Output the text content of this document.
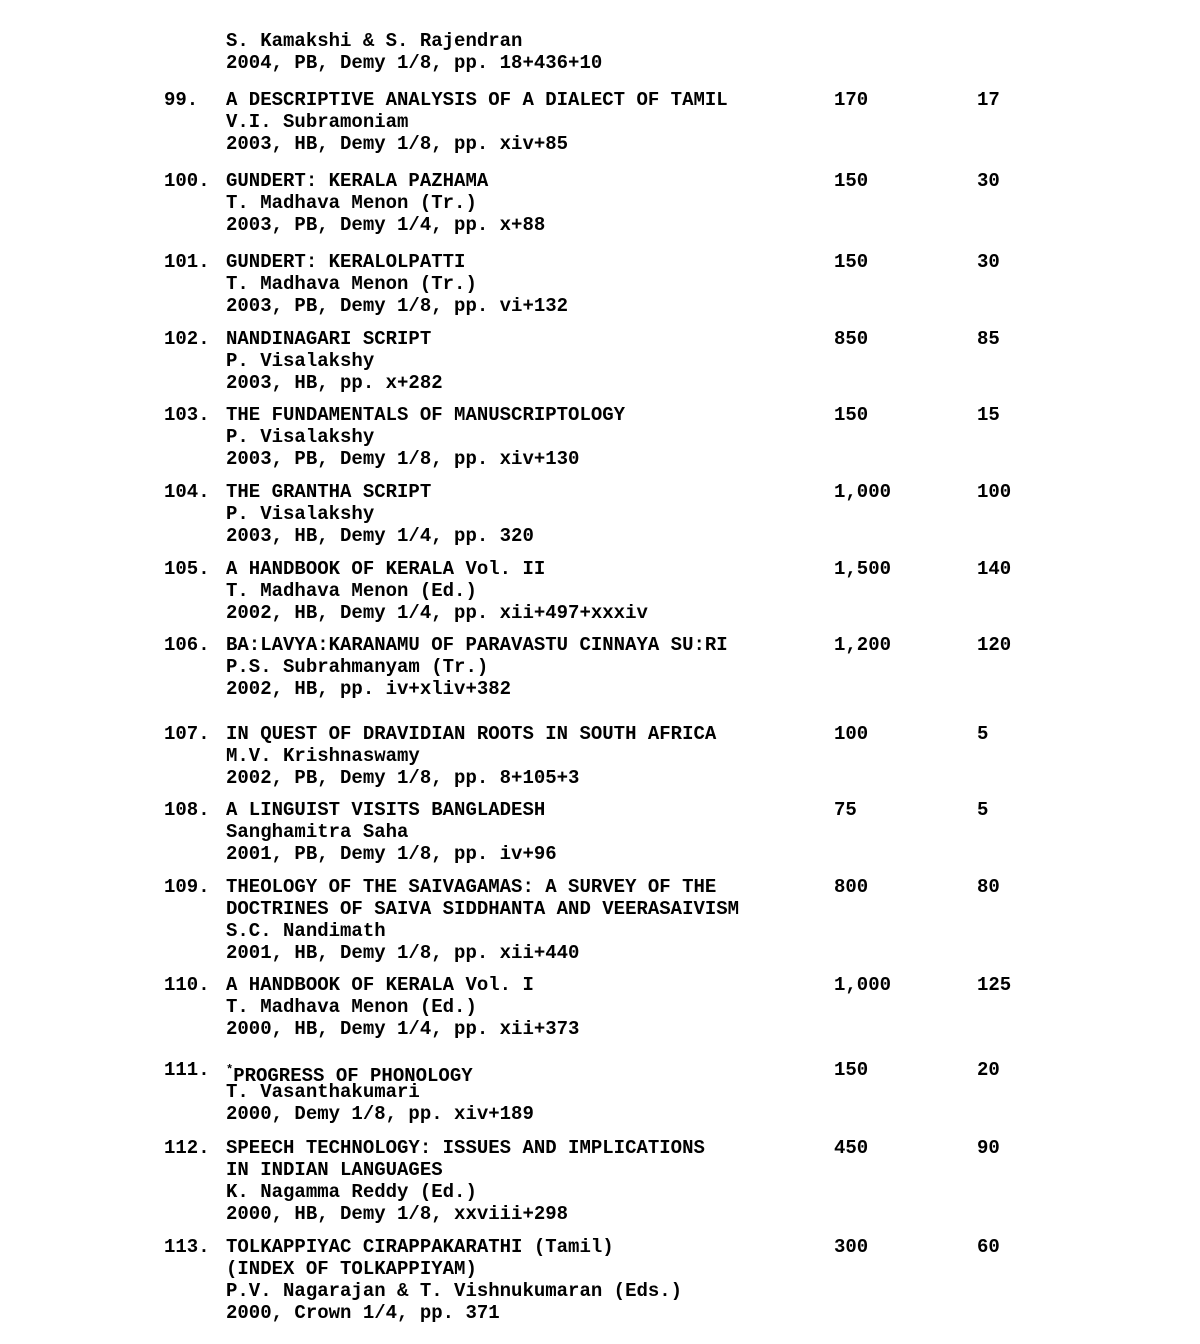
S. Kamakshi & S. Rajendran
2004, PB, Demy 1/8, pp. 18+436+10
99. A DESCRIPTIVE ANALYSIS OF A DIALECT OF TAMIL
V.I. Subramoniam
2003, HB, Demy 1/8, pp. xiv+85
170	17
100. GUNDERT: KERALA PAZHAMA
T. Madhava Menon (Tr.)
2003, PB, Demy 1/4, pp. x+88
150	30
101. GUNDERT: KERALOLPATTI
T. Madhava Menon (Tr.)
2003, PB, Demy 1/8, pp. vi+132
150	30
102. NANDINAGARI SCRIPT
P. Visalakshy
2003, HB, pp. x+282
850	85
103. THE FUNDAMENTALS OF MANUSCRIPTOLOGY
P. Visalakshy
2003, PB, Demy 1/8, pp. xiv+130
150	15
104. THE GRANTHA SCRIPT
P. Visalakshy
2003, HB, Demy 1/4, pp. 320
1,000	100
105. A HANDBOOK OF KERALA Vol. II
T. Madhava Menon (Ed.)
2002, HB, Demy 1/4, pp. xii+497+xxxiv
1,500	140
106. BA:LAVYA:KARANAMU OF PARAVASTU CINNAYA SU:RI
P.S. Subrahmanyam (Tr.)
2002, HB, pp. iv+xliv+382
1,200	120
107. IN QUEST OF DRAVIDIAN ROOTS IN SOUTH AFRICA
M.V. Krishnaswamy
2002, PB, Demy 1/8, pp. 8+105+3
100	5
108. A LINGUIST VISITS BANGLADESH
Sanghamitra Saha
2001, PB, Demy 1/8, pp. iv+96
75	5
109. THEOLOGY OF THE SAIVAGAMAS: A SURVEY OF THE
DOCTRINES OF SAIVA SIDDHANTA AND VEERASAIVISM
S.C. Nandimath
2001, HB, Demy 1/8, pp. xii+440
800	80
110. A HANDBOOK OF KERALA Vol. I
T. Madhava Menon (Ed.)
2000, HB, Demy 1/4, pp. xii+373
1,000	125
111. *PROGRESS OF PHONOLOGY
T. Vasanthakumari
2000, Demy 1/8, pp. xiv+189
150	20
112. SPEECH TECHNOLOGY: ISSUES AND IMPLICATIONS
IN INDIAN LANGUAGES
K. Nagamma Reddy (Ed.)
2000, HB, Demy 1/8, xxviii+298
450	90
113. TOLKAPPIYAC CIRAPPAKARATHI (Tamil)
(INDEX OF TOLKAPPIYAM)
P.V. Nagarajan & T. Vishnukumaran (Eds.)
2000, Crown 1/4, pp. 371
300	60
